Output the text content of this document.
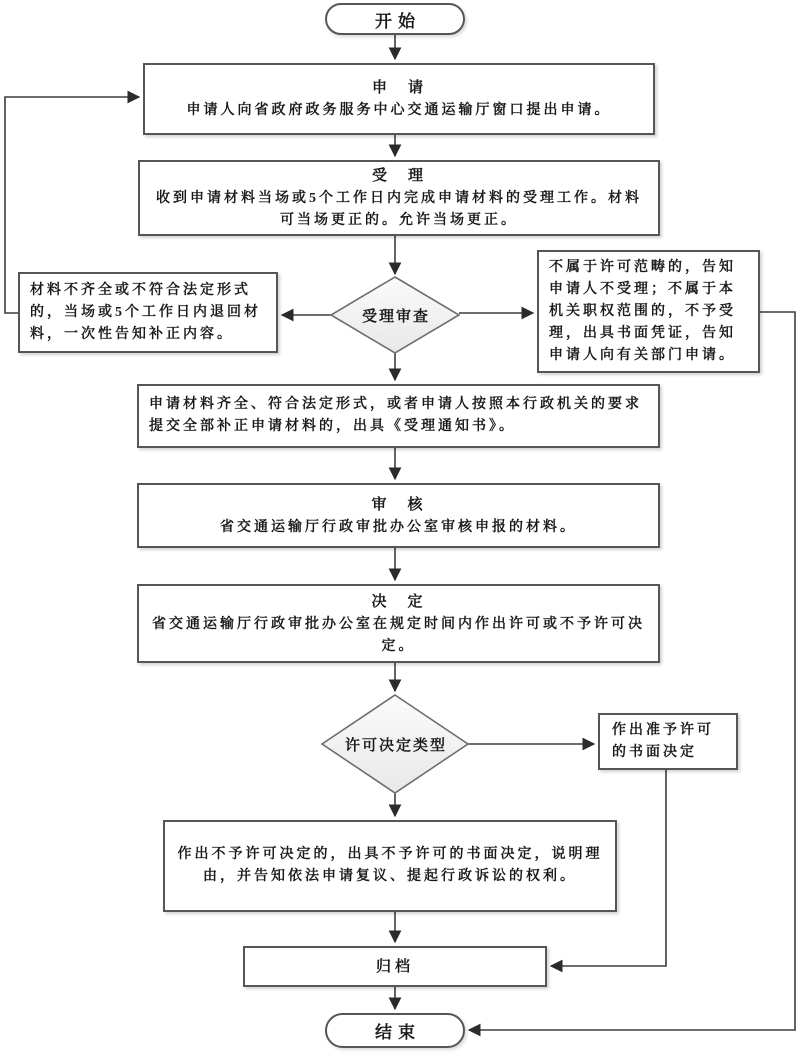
开始
申　请
申请人向省政府政务服务中心交通运输厅窗口提出申请。
受　理
收到申请材料当场或5个工作日内完成申请材料的受理工作。材料可当场更正的。允许当场更正。
受理审查
材料不齐全或不符合法定形式的，当场或5个工作日内退回材料，一次性告知补正内容。
不属于许可范畴的，告知申请人不受理；不属于本机关职权范围的，不予受理，出具书面凭证，告知申请人向有关部门申请。
申请材料齐全、符合法定形式，或者申请人按照本行政机关的要求提交全部补正申请材料的，出具《受理通知书》。
审　核
省交通运输厅行政审批办公室审核申报的材料。
决　定
省交通运输厅行政审批办公室在规定时间内作出许可或不予许可决定。
许可决定类型
作出准予许可的书面决定
作出不予许可决定的，出具不予许可的书面决定，说明理由，并告知依法申请复议、提起行政诉讼的权利。
归档
结束
